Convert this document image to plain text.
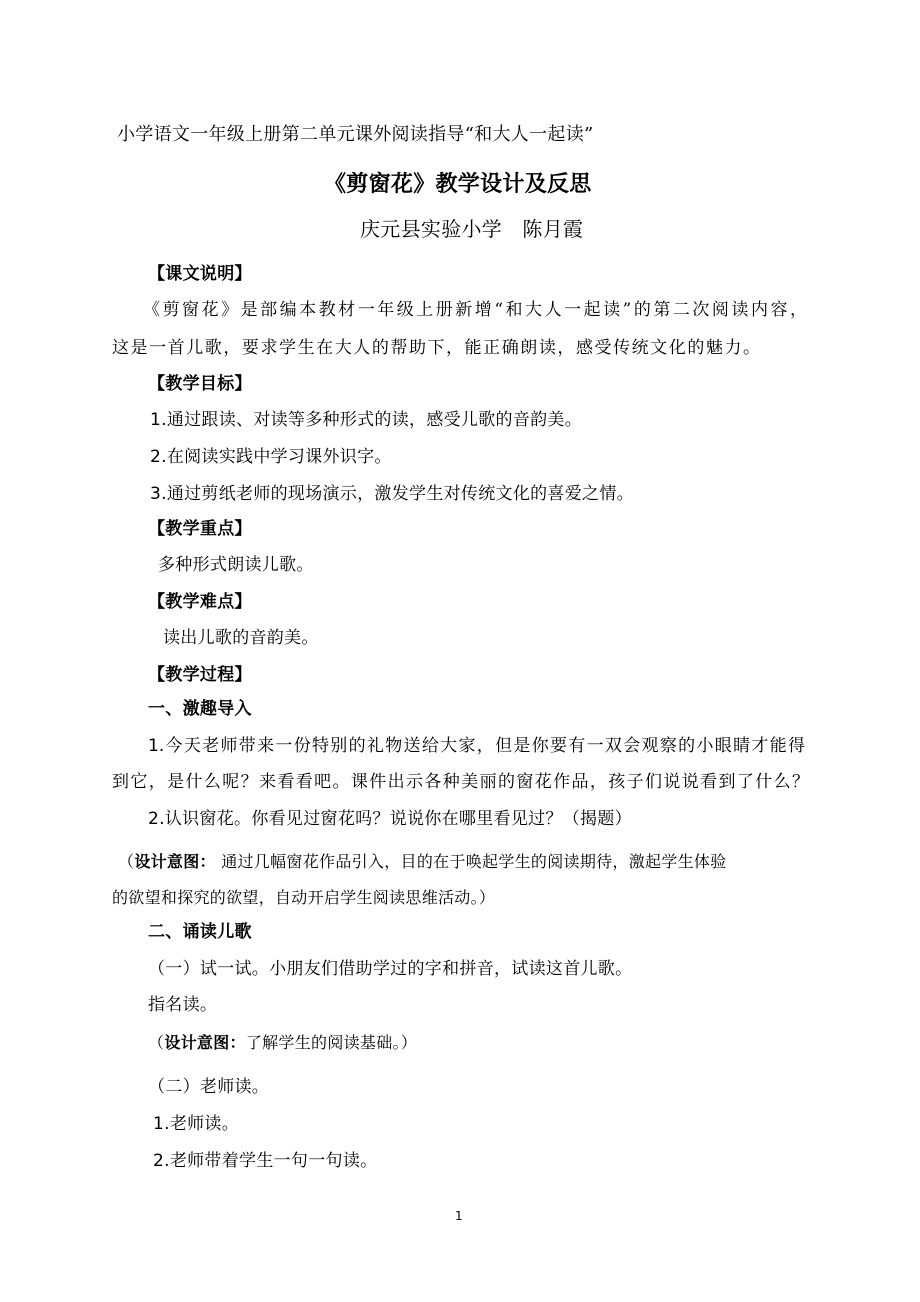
小学语文一年级上册第二单元课外阅读指导“和大人一起读”
《剪窗花》教学设计及反思
庆元县实验小学　陈月霞
【课文说明】
《剪窗花》是部编本教材一年级上册新增“和大人一起读”的第二次阅读内容，
这是一首儿歌，要求学生在大人的帮助下，能正确朗读，感受传统文化的魅力。
【教学目标】
1.通过跟读、对读等多种形式的读，感受儿歌的音韵美。
2.在阅读实践中学习课外识字。
3.通过剪纸老师的现场演示，激发学生对传统文化的喜爱之情。
【教学重点】
多种形式朗读儿歌。
【教学难点】
读出儿歌的音韵美。
【教学过程】
一、激趣导入
1.今天老师带来一份特别的礼物送给大家，但是你要有一双会观察的小眼睛才能得
到它，是什么呢？来看看吧。课件出示各种美丽的窗花作品，孩子们说说看到了什么？
2.认识窗花。你看见过窗花吗？说说你在哪里看见过？（揭题）
（设计意图： 通过几幅窗花作品引入，目的在于唤起学生的阅读期待，激起学生体验
的欲望和探究的欲望，自动开启学生阅读思维活动。）
二、诵读儿歌
（一）试一试。小朋友们借助学过的字和拼音，试读这首儿歌。
指名读。
（设计意图：了解学生的阅读基础。）
（二）老师读。
1.老师读。
2.老师带着学生一句一句读。
1
